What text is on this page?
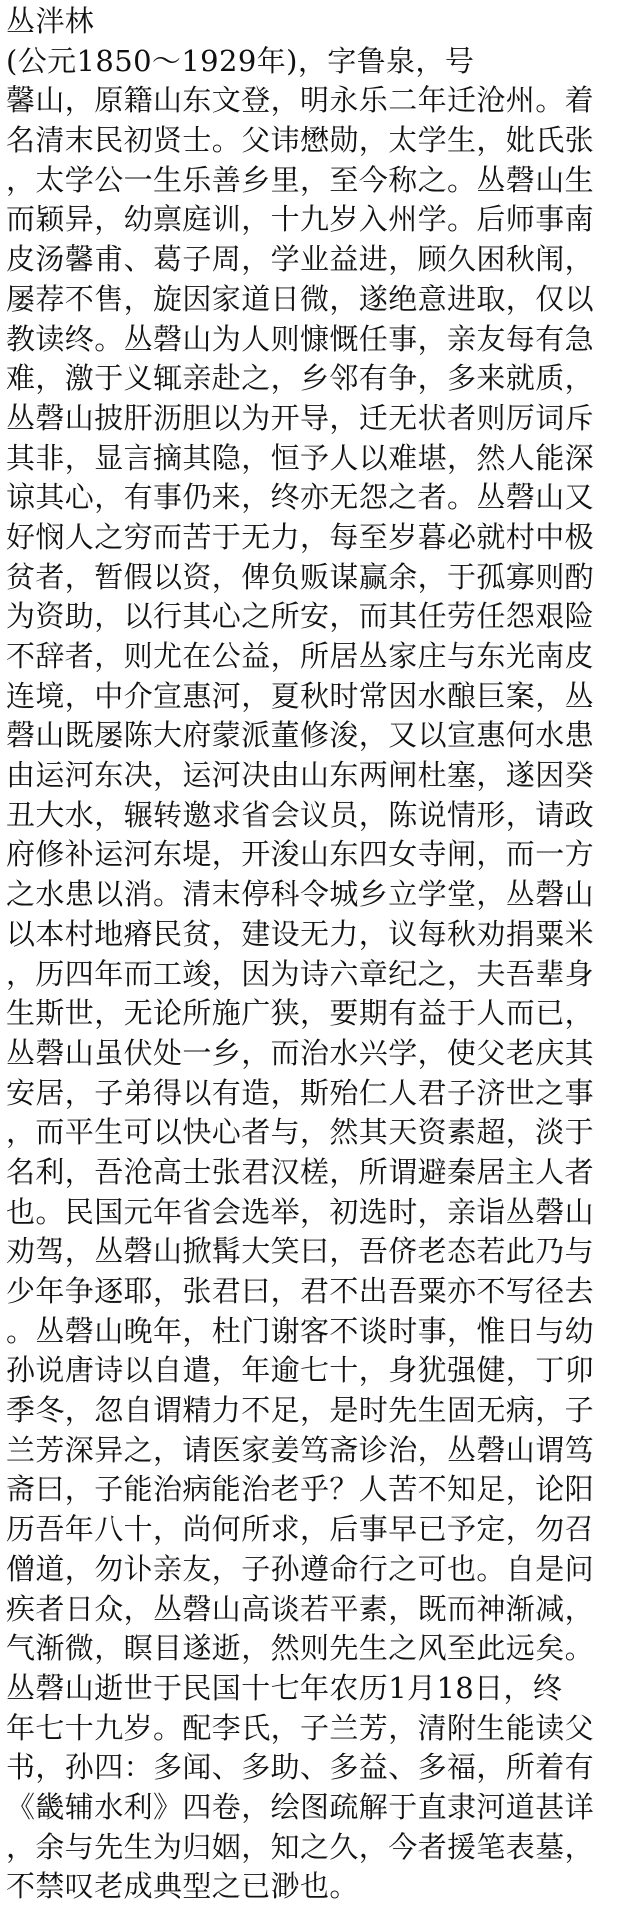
丛泮林
(公元1850～1929年)，字鲁泉，号
馨山，原籍山东文登，明永乐二年迁沧州。着
名清末民初贤士。父讳懋勋，太学生，妣氏张
，太学公一生乐善乡里，至今称之。丛磬山生
而颖异，幼禀庭训，十九岁入州学。后师事南
皮汤馨甫、葛子周，学业益进，顾久困秋闱，
屡荐不售，旋因家道日微，遂绝意进取，仅以
教读终。丛磬山为人则慷慨任事，亲友每有急
难，激于义辄亲赴之，乡邻有争，多来就质，
丛磬山披肝沥胆以为开导，迁无状者则厉词斥
其非，显言摘其隐，恒予人以难堪，然人能深
谅其心，有事仍来，终亦无怨之者。丛磬山又
好悯人之穷而苦于无力，每至岁暮必就村中极
贫者，暂假以资，俾负贩谋赢余，于孤寡则酌
为资助，以行其心之所安，而其任劳任怨艰险
不辞者，则尤在公益，所居丛家庄与东光南皮
连境，中介宣惠河，夏秋时常因水酿巨案，丛
磬山既屡陈大府蒙派董修浚，又以宣惠何水患
由运河东决，运河决由山东两闸杜塞，遂因癸
丑大水，辗转邀求省会议员，陈说情形，请政
府修补运河东堤，开浚山东四女寺闸，而一方
之水患以消。清末停科令城乡立学堂，丛磬山
以本村地瘠民贫，建设无力，议每秋劝捐粟米
，历四年而工竣，因为诗六章纪之，夫吾辈身
生斯世，无论所施广狭，要期有益于人而已，
丛磬山虽伏处一乡，而治水兴学，使父老庆其
安居，子弟得以有造，斯殆仁人君子济世之事
，而平生可以快心者与，然其天资素超，淡于
名利，吾沧高士张君汉槎，所谓避秦居主人者
也。民国元年省会选举，初选时，亲诣丛磬山
劝驾，丛磬山掀髯大笑曰，吾侪老态若此乃与
少年争逐耶，张君曰，君不出吾粟亦不写径去
。丛磬山晚年，杜门谢客不谈时事，惟日与幼
孙说唐诗以自遣，年逾七十，身犹强健，丁卯
季冬，忽自谓精力不足，是时先生固无病，子
兰芳深异之，请医家姜笃斋诊治，丛磬山谓笃
斋曰，子能治病能治老乎？人苦不知足，论阳
历吾年八十，尚何所求，后事早已予定，勿召
僧道，勿讣亲友，子孙遵命行之可也。自是问
疾者日众，丛磬山高谈若平素，既而神渐减，
气渐微，瞑目遂逝，然则先生之风至此远矣。
丛磬山逝世于民国十七年农历1月18日，终
年七十九岁。配李氏，子兰芳，清附生能读父
书，孙四：多闻、多助、多益、多福，所着有
《畿辅水利》四卷，绘图疏解于直隶河道甚详
，余与先生为归姻，知之久，今者援笔表墓，
不禁叹老成典型之已渺也。
